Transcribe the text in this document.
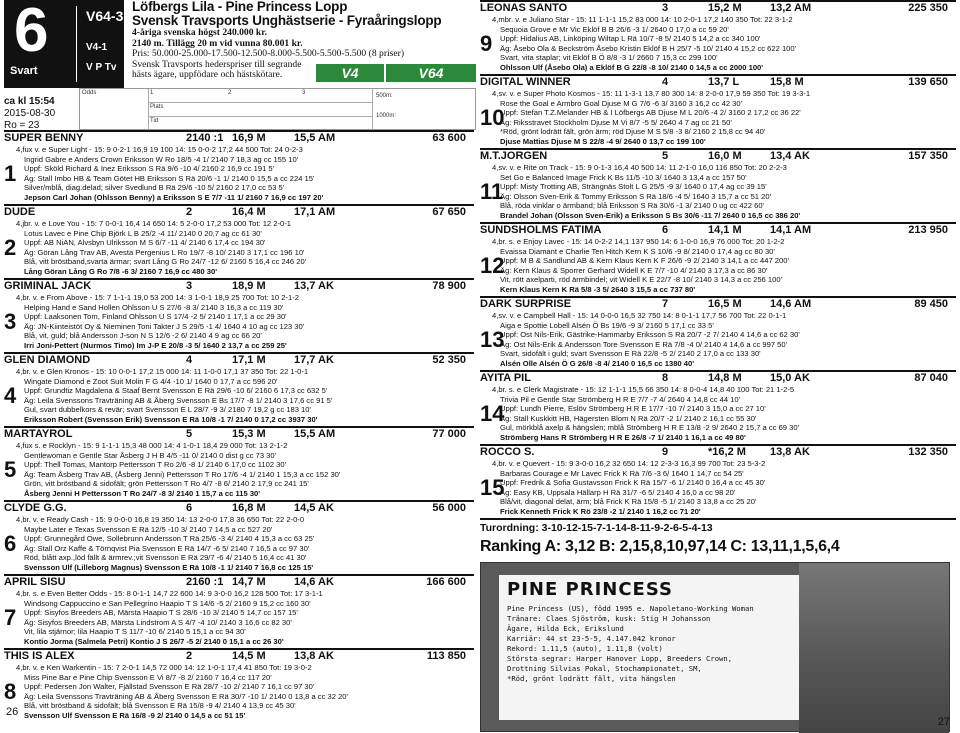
6
Svart
V64-3
V4-1
V P Tv
Löfbergs Lila - Pine Princess Lopp
Svensk Travsports Unghästserie - Fyraåringslopp
4-åriga svenska högst 240.000 kr.
2140 m. Tillägg 20 m vid vunna 80.001 kr.
Pris: 50.000-25.000-17.500-12.500-8.000-5.500-5.500-5.500 (8 priser)
Svensk Travsports hederspriser till segrande
hästs ägare, uppfödare och hästskötare.	V4	V64
ca kl 15:54
2015-08-30
Ro = 23
Odds	1	2	3	500m:
Plats
1000m:
Tid
SUPER BENNY	2140 :1 16,9 M	15,5 AM	63 600
1
4,fux v. e Super Light - 15: 9 0-2-1 16,9 19 100 14: 15 0-0-2 17,2 44 500 Tot: 24 0-2-3
Ingrid Gabre e Anders Crown Eriksson W Ro 18/5 -4 1/ 2140 7 18,3 ag cc 155 10'
Uppf: Sköld Richard & Inez Eriksson S Rä 9/6 -10 4/ 2160 2 16,9 cc 191 5'
Äg: Stall Imbo HB & Team Götet HB Eriksson S Rä 20/6 -1 1/ 2140 0 15,5 a cc 224 15'
Silver/mblå, diag.delad; silver Svedlund B Rä 29/6 -10 5/ 2160 2 17,0 cc 53 5'
Jepson Carl Johan (Ohlsson Benny) a Eriksson S E 7/7 -11 1/ 2160 7 16,9 cc 197 20'
DUDE	2	16,4 M	17,1 AM	67 650
2
4,jbr. v. e Love You - 15: 7 0-0-1 16,4 14 650 14: 5 2-0-0 17,2 53 000 Tot: 12 2-0-1
Lotus Lavec e Pine Chip Björk L B 25/2 -4 11/ 2140 0 20,7 ag cc 61 30'
Uppf: AB NiAN, Alvsbyn Ulriksson M S 6/7 -11 4/ 2140 6 17,4 cc 194 30'
Äg: Göran Lång Trav AB, Avesta Pergenius L Ro 19/7 -8 10/ 2140 3 17,1 cc 196 10'
Blå, vitt bröstband,svarta ärmar; svart Lång G Ro 24/7 -12 6/ 2160 5 16,4 cc 246 20'
Lång Göran Lång G Ro 7/8 -6 3/ 2160 7 16,9 cc 480 30'
GRIMINAL JACK	3	18,9 M	13,7 AK	78 900
3
4,br. v. e From Above - 15: 7 1-1-1 19,0 53 200 14: 3 1-0-1 18,9 25 700 Tot: 10 2-1-2
Helping Hand e Sand Hollen Ohlsson U S 27/6 -8 3/ 2140 3 16,3 a cc 119 30'
Uppf: Laaksonen Tom, Finland Ohlsson U S 17/4 -2 5/ 2140 1 17,1 a cc 29 30'
Äg: JN-Kiinteistöt Oy & Nieminen Toni Takter J S 29/5 -1 4/ 1640 4 10 ag cc 123 30'
Blå, vit, guld; blå Andersson J-son N S 12/6 -2 6/ 2140 4 9 ag cc 66 20'
Irri Joni-Pettert (Nurmos Timo) Im J-P E 20/8 -3 5/ 1640 2 13,7 a cc 259 25'
GLEN DIAMOND	4	17,1 M	17,7 AK	52 350
4
4,br. v. e Glen Kronos - 15: 10 0-0-1 17,2 15 000 14: 11 1-0-0 17,1 37 350 Tot: 22 1-0-1
Wingate Diamond e Zoot Suit Molin F G 4/4 -10 1/ 1640 0 17,7 a cc 596 20'
Uppf: Grundtiz Magdalena & Staaf Bernt Svensson E Rä 29/6 -10 6/ 2160 6 17,3 cc 632 5'
Äg: Leila Svenssons Travträning AB & Åberg Svensson E Bs 17/7 -8 1/ 2140 3 17,6 cc 91 5'
Gul, svart dubbelkors & revär; svart Svensson E L 28/7 -9 3/ 2180 7 19,2 g cc 183 10'
Eriksson Robert (Svensson Erik) Svensson E Rä 10/8 -1 7/ 2140 0 17,2 cc 3937 30'
MARTAYROL	5	15,3 M	15,5 AM	77 000
5
4,fux s. e Rocklyn - 15: 9 1-1-1 15,3 48 000 14: 4 1-0-1 18,4 29 000 Tot: 13 2-1-2
Gentlewoman e Gentle Star Åsberg J H B 4/5 -11 0/ 2140 0 dist g cc 73 30'
Uppf: Thell Tomas, Mantorp Pettersson T Ro 2/6 -8 1/ 2140 6 17,0 cc 1102 30'
Äg: Team Åsberg Trav AB, (Åsberg Jenni) Pettersson T Ro 17/6 -4 1/ 2140 1 15,3 a cc 152 30'
Grön, vitt bröstband & sidofält; grön Pettersson T Ro 4/7 -8 6/ 2140 2 17,9 cc 241 15'
Åsberg Jenni H Pettersson T Ro 24/7 -8 3/ 2140 1 15,7 a cc 115 30'
CLYDE G.G.	6	16,8 M	14,5 AK	56 000
6
4,br. v. e Ready Cash - 15: 9 0-0-0 16,8 19 350 14: 13 2-0-0 17,8 36 650 Tot: 22 2-0-0
Maybe Later e Texas Svensson E Rä 12/5 -10 3/ 2140 7 14,5 a cc 527 20'
Uppf: Grunnegård Owe, Sollebrunn Andersson T Rä 25/6 -3 4/ 2140 4 15,3 a cc 63 25'
Äg: Stall Orz Kaffe & Törnqvist Pia Svensson E Rä 14/7 -6 5/ 2140 7 16,5 a cc 97 30'
Röd, blått axp.,löd fällt & ärmrev.;vit Svensson E Rä 29/7 -6 4/ 2140 5 16,4 cc 41 30'
Svensson Ulf (Lilleborg Magnus) Svensson E Rä 10/8 -1 1/ 2140 7 16,8 cc 125 15'
APRIL SISU	2160 :1 14,7 M	14,6 AK	166 600
7
4,br. s. e Even Better Odds - 15: 8 0-1-1 14,7 22 600 14: 9 3-0-0 16,2 128 500 Tot: 17 3-1-1
Windsong Cappuccino e San Pellegrino Haapio T S 14/6 -5 2/ 2160 9 15,2 cc 160 30'
Uppf: Sisyfos Breeders AB, Märsta Haapio T S 28/6 -10 3/ 2140 5 14,7 cc 157 15'
Äg: Sisyfos Breeders AB, Märsta Lindstrom A S 4/7 -4 10/ 2140 3 16,6 cc 82 30'
Vit, lila stjärnor; lila Haapio T S 11/7 -10 6/ 2140 5 15,1 a cc 94 30'
Kontio Jorma (Salmela Petri) Kontio J S 26/7 -5 2/ 2140 0 15,1 a cc 26 30'
THIS IS ALEX	2	14,5 M	13,8 AK	113 850
8
4,br. v. e Ken Warkentin - 15: 7 2-0-1 14,5 72 000 14: 12 1-0-1 17,4 41 850 Tot: 19 3-0-2
Miss Pine Bar e Pine Chip Svensson E Vi 8/7 -8 2/ 2160 7 16,4 cc 117 20'
Uppf: Pedersen Jon Walter, Fjällstad Svensson E Rä 28/7 -10 2/ 2140 7 16,1 cc 97 30'
Äg: Leila Svenssons Travträning AB & Åberg Svensson E Rä 30/7 -10 1/ 2140 0 13,8 a cc 32 20'
Blå, vitt bröstband & sidofält; blå Svensson E Rä 15/8 -9 4/ 2140 4 13,9 cc 45 30'
Svensson Ulf Svensson E Rä 16/8 -9 2/ 2140 0 14,5 a cc 51 15'
26
LEONAS SANTO	3	15,2 M	13,2 AM	225 350
9
4,mbr. v. e Juliano Star - 15: 11 1-1-1 15,2 83 000 14: 10 2-0-1 17,2 140 350 Tot: 22 3-1-2
Sequoia Grove e Mr Vic Eklöf B B 26/6 -3 1/ 2640 0 17,0 a cc 59 20'
Uppf: Hidalius AB, Linköping Wiltap L Rä 10/7 -8 5/ 2140 5 14,2 a cc 340 100'
Äg: Åsebo Ola & Beckström Åsebo Kristin Eklöf B H 25/7 -5 10/ 2140 4 15,2 cc 622 100'
Svart, vita staplar; vit Eklöf B Ö 8/8 -3 1/ 2660 7 15,3 cc 299 100'
Ohlsson Ulf (Åsebo Ola) a Eklöf B G 22/8 -8 10/ 2140 0 14,5 a cc 2000 100'
DIGITAL WINNER	4	13,7 L	15,8 M	139 650
10
4,sv. v. e Super Photo Kosmos - 15: 11 1-3-1 13,7 80 300 14: 8 2-0-0 17,9 59 350 Tot: 19 3-3-1
Rose the Goal e Armbro Goal Djuse M G 7/6 -6 3/ 3160 3 16,2 cc 42 30'
Uppf: Stefan T.Z.Melander HB & I Löfbergs AB Djuse M L 20/6 -4 2/ 3160 2 17,2 cc 36 22'
Äg: Riksstravet Stockholm Djuse M Vi 8/7 -5 5/ 2640 4 7 ag cc 21 50'
*Röd, grönt lodrätt fält, grön ärm; röd Djuse M S 5/8 -3 8/ 2160 2 15,8 cc 94 40'
Djuse Mattias Djuse M S 22/8 -4 9/ 2640 0 13,7 cc 199 100'
M.T.JORGEN	5	16,0 M	13,4 AK	157 350
11
4,sv. v. e Rite on Track - 15: 9 0-1-3 16,4 40 500 14: 11 2-1-0 16,0 116 850 Tot: 20 2-2-3
Set Go e Balanced Image Frick K Bs 11/5 -10 3/ 1640 3 13,4 a cc 157 50'
Uppf: Misty Trotting AB, Strängnäs Stolt L G 25/5 -9 3/ 1640 0 17,4 ag cc 39 15'
Äg: Olsson Sven-Erik & Tommy Eriksson S Rä 18/6 -4 5/ 1640 3 15,7 a cc 51 20'
Blå, röda vinklar o ärmband; blå Eriksson S Rä 30/6 -1 3/ 2140 0 ug cc 422 60'
Brandel Johan (Olsson Sven-Erik) a Eriksson S Bs 30/6 -11 7/ 2640 0 16,5 cc 386 20'
SUNDSHOLMS FATIMA	6	14,1 M	14,1 AM	213 950
12
4,br. s. e Enjoy Lavec - 15: 14 0-2-2 14,1 137 950 14: 6 1-0-0 16,9 76 000 Tot: 20 1-2-2
Evaissa Diamant e Charlie Ten Hitch Kern K S 10/6 -9 8/ 2140 0 17,4 ag cc 80 30'
Uppf: M B & Sandlund AB & Kern Klaus Kern K F 26/6 -9 2/ 2140 3 14,1 a cc 447 200'
Äg: Kern Klaus & Sporrer Gerhard Widell K E 7/7 -10 4/ 2140 3 17,3 a cc 86 30'
Vit, rött axelparti, röd ärmbindel; vit Widell K E 22/7 -8 10/ 2140 3 14,3 a cc 256 100'
Kern Klaus Kern K Rä 5/8 -3 5/ 2640 3 15,5 a cc 737 80'
DARK SURPRISE	7	16,5 M	14,6 AM	89 450
13
4,sv. v. e Campbell Hall - 15: 14 0-0-0 16,5 32 750 14: 8 0-1-1 17,7 56 700 Tot: 22 0-1-1
Aiga e Spottie Lobell Alsén Ö Bs 19/6 -9 3/ 2160 5 17,1 cc 33 5'
Uppf: Ost Nils-Erik, Gästrike-Hammarby Eriksson S Rä 20/7 -2 7/ 2140 4 14,6 a cc 62 30'
Äg: Ost Nils-Erik & Andersson Tore Svensson E Rä 7/8 -4 0/ 2140 4 14,6 a cc 997 50'
Svart, sidofält i guld; svart Svensson E Rä 22/8 -5 2/ 2140 2 17,0 a cc 133 30'
Alsén Olle Alsén Ö G 26/8 -8 4/ 2140 0 16,5 cc 1380 40'
AYITA PIL	8	14,8 M	15,0 AK	87 040
14
4,br. s. e Clerk Magistrate - 15: 12 1-1-1 15,5 66 350 14: 8 0-0-4 14,8 40 100 Tot: 21 1-2-5
Trivia Pil e Gentle Star Strömberg H R E 7/7 -7 4/ 2640 4 14,8 cc 44 10'
Uppf: Lundh Pierre, Eslöv Strömberg H R E 17/7 -10 7/ 2140 3 15,0 a cc 27 10'
Äg: Stall Kuskkitt HB, Hägersten Blom N Rä 20/7 -2 1/ 2140 2 16,1 cc 55 30'
Gul, mörkblå axelp & hängslen; mblå Strömberg H R E 13/8 -2 9/ 2640 2 15,7 a cc 69 30'
Strömberg Hans R Strömberg H R E 26/8 -7 1/ 2140 1 16,1 a cc 49 80'
ROCCO S.	9	*16,2 M 13,8 AK	132 350
15
4,br. v. e Quevert - 15: 9 3-0-0 16,2 32 650 14: 12 2-3-3 16,3 99 700 Tot: 23 5-3-2
Barbaras Courage e Mr Lavec Frick K Rä 7/6 -3 6/ 1640 1 14,7 cc 54 25'
Uppf: Fredrik & Sofia Gustavsson Frick K Rä 15/7 -6 1/ 2140 0 16,4 a cc 45 30'
Äg: Easy KB, Uppsala Hällarp H Rä 31/7 -6 5/ 2140 4 16,0 a cc 98 20'
Blå/vit, diagonal delat, ärm; blå Frick K Rä 15/8 -5 1/ 2140 3 13,8 a cc 25 20'
Frick Kenneth Frick K Rö 23/8 -2 1/ 2140 1 16,2 cc 71 20'
Turordning: 3-10-12-15-7-1-14-8-11-9-2-6-5-4-13
Ranking A: 3,12 B: 2,15,8,10,97,14 C: 13,11,1,5,6,4
PINE PRINCESS
Pine Princess (US), född 1995 e. Napoletano-Working Woman
Tränare: Claes Sjöström, kusk: Stig H Johansson
Ägare, Hilda Eck, Erikslund
Karriär: 44 st 23-5-5, 4.147.042 kronor
Rekord: 1.11,5 (auto), 1.11,8 (volt)
Största segrar: Harper Hanover Lopp, Breeders Crown,
Drottning Silvias Pokal, Stochampionatet, SM,
*Röd, grönt lodrätt fält, vita hängslen
27
